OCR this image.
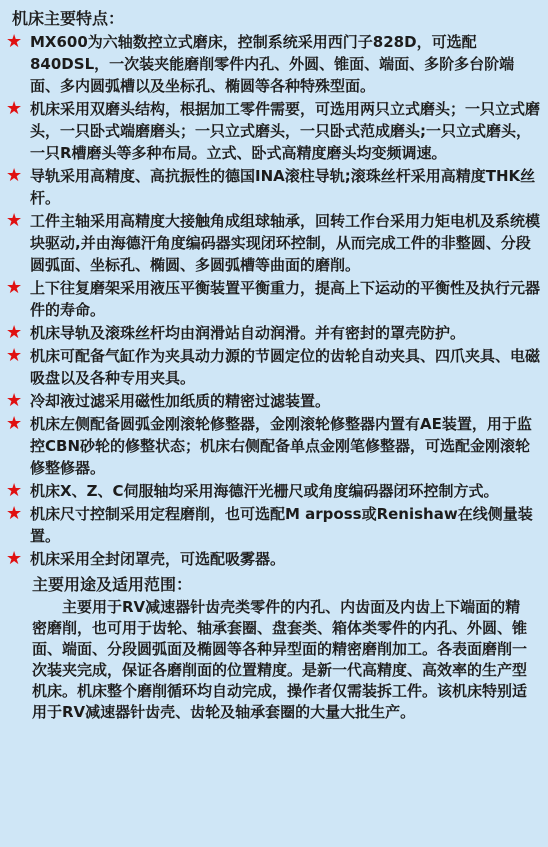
机床主要特点：
★ MX600为六轴数控立式磨床，控制系统采用西门子828D，可选配840DSL，一次装夹能磨削零件内孔、外圆、锥面、端面、多阶多台阶端面、多内圆弧槽以及坐标孔、椭圆等各种特殊型面。
★ 机床采用双磨头结构，根据加工零件需要，可选用两只立式磨头；一只立式磨头，一只卧式端磨磨头；一只立式磨头，一只卧式范成磨头;一只立式磨头，一只R槽磨头等多种布局。立式、卧式高精度磨头均变频调速。
★ 导轨采用高精度、高抗振性的德国INA滚柱导轨;滚珠丝杆采用高精度THK丝杆。
★ 工件主轴采用高精度大接触角成组球轴承，回转工作台采用力矩电机及系统模块驱动,并由海德汗角度编码器实现闭环控制，从而完成工件的非整圆、分段圆弧面、坐标孔、椭圆、多圆弧槽等曲面的磨削。
★ 上下往复磨架采用液压平衡装置平衡重力，提高上下运动的平衡性及执行元器件的寿命。
★ 机床导轨及滚珠丝杆均由润滑站自动润滑。并有密封的罩壳防护。
★ 机床可配备气缸作为夹具动力源的节圆定位的齿轮自动夹具、四爪夹具、电磁吸盘以及各种专用夹具。
★ 冷却液过滤采用磁性加纸质的精密过滤装置。
★ 机床左侧配备圆弧金刚滚轮修整器，金刚滚轮修整器内置有AE装置，用于监控CBN砂轮的修整状态；机床右侧配备单点金刚笔修整器，可选配金刚滚轮修整修器。
★ 机床X、Z、C伺服轴均采用海德汗光栅尺或角度编码器闭环控制方式。
★ 机床尺寸控制采用定程磨削，也可选配M arposs或Renishaw在线侧量装置。
★ 机床采用全封闭罩壳，可选配吸雾器。
主要用途及适用范围：

主要用于RV减速器针齿壳类零件的内孔、内齿面及内齿上下端面的精密磨削，也可用于齿轮、轴承套圈、盘套类、箱体类零件的内孔、外圆、锥面、端面、分段圆弧面及椭圆等各种异型面的精密磨削加工。各表面磨削一次装夹完成，保证各磨削面的位置精度。是新一代高精度、高效率的生产型机床。机床整个磨削循环均自动完成，操作者仅需装拆工件。该机床特别适用于RV减速器针齿壳、齿轮及轴承套圈的大量大批生产。
